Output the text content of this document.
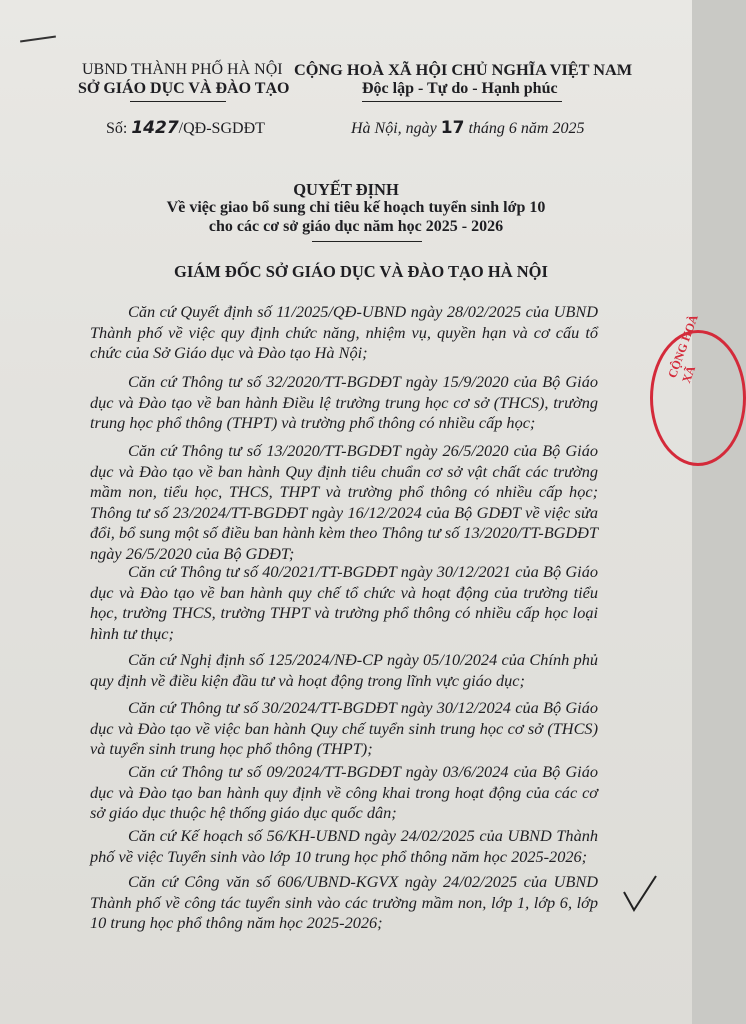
UBND THÀNH PHỐ HÀ NỘI
SỞ GIÁO DỤC VÀ ĐÀO TẠO
CỘNG HOÀ XÃ HỘI CHỦ NGHĨA VIỆT NAM
Độc lập - Tự do - Hạnh phúc
Số: 1427/QĐ-SGDĐT	Hà Nội, ngày 17 tháng 6 năm 2025
QUYẾT ĐỊNH
Về việc giao bổ sung chỉ tiêu kế hoạch tuyển sinh lớp 10
cho các cơ sở giáo dục năm học 2025 - 2026
GIÁM ĐỐC SỞ GIÁO DỤC VÀ ĐÀO TẠO HÀ NỘI
Căn cứ Quyết định số 11/2025/QĐ-UBND ngày 28/02/2025 của UBND Thành phố về việc quy định chức năng, nhiệm vụ, quyền hạn và cơ cấu tổ chức của Sở Giáo dục và Đào tạo Hà Nội;
Căn cứ Thông tư số 32/2020/TT-BGDĐT ngày 15/9/2020 của Bộ Giáo dục và Đào tạo về ban hành Điều lệ trường trung học cơ sở (THCS), trường trung học phổ thông (THPT) và trường phổ thông có nhiều cấp học;
Căn cứ Thông tư số 13/2020/TT-BGDĐT ngày 26/5/2020 của Bộ Giáo dục và Đào tạo về ban hành Quy định tiêu chuẩn cơ sở vật chất các trường mầm non, tiểu học, THCS, THPT và trường phổ thông có nhiều cấp học; Thông tư số 23/2024/TT-BGDĐT ngày 16/12/2024 của Bộ GDĐT về việc sửa đổi, bổ sung một số điều ban hành kèm theo Thông tư số 13/2020/TT-BGDĐT ngày 26/5/2020 của Bộ GDĐT;
Căn cứ Thông tư số 40/2021/TT-BGDĐT ngày 30/12/2021 của Bộ Giáo dục và Đào tạo về ban hành quy chế tổ chức và hoạt động của trường tiểu học, trường THCS, trường THPT và trường phổ thông có nhiều cấp học loại hình tư thục;
Căn cứ Nghị định số 125/2024/NĐ-CP ngày 05/10/2024 của Chính phủ quy định về điều kiện đầu tư và hoạt động trong lĩnh vực giáo dục;
Căn cứ Thông tư số 30/2024/TT-BGDĐT ngày 30/12/2024 của Bộ Giáo dục và Đào tạo về việc ban hành Quy chế tuyển sinh trung học cơ sở (THCS) và tuyển sinh trung học phổ thông (THPT);
Căn cứ Thông tư số 09/2024/TT-BGDĐT ngày 03/6/2024 của Bộ Giáo dục và Đào tạo ban hành quy định về công khai trong hoạt động của các cơ sở giáo dục thuộc hệ thống giáo dục quốc dân;
Căn cứ Kế hoạch số 56/KH-UBND ngày 24/02/2025 của UBND Thành phố về việc Tuyển sinh vào lớp 10 trung học phổ thông năm học 2025-2026;
Căn cứ Công văn số 606/UBND-KGVX ngày 24/02/2025 của UBND Thành phố về công tác tuyển sinh vào các trường mầm non, lớp 1, lớp 6, lớp 10 trung học phổ thông năm học 2025-2026;
CỘNG HOÀ XÃ
